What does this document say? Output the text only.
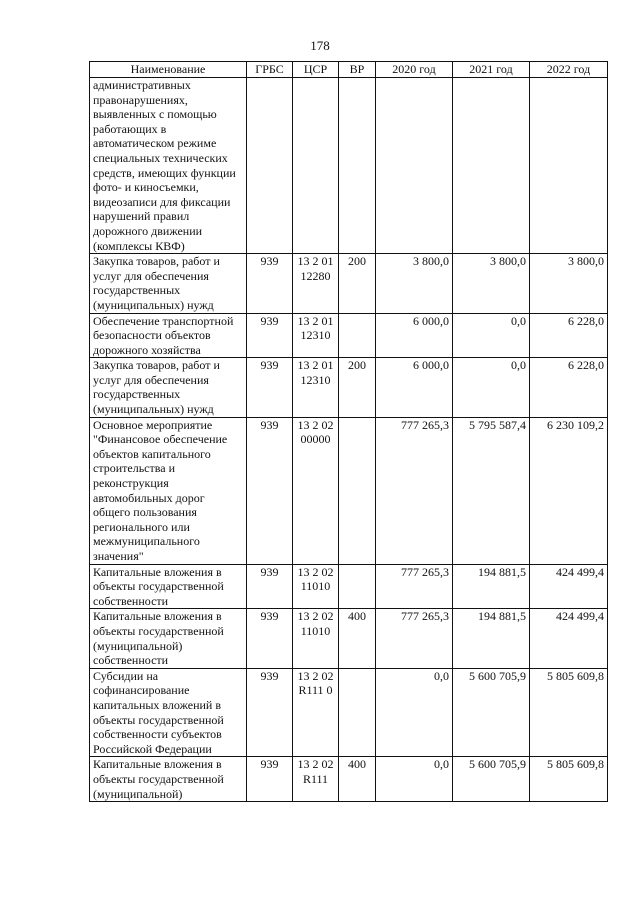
178
Наименование	ГРБС	ЦСР	ВР	2020 год	2021 год	2022 год
административных правонарушениях, выявленных с помощью работающих в автоматическом режиме специальных технических средств, имеющих функции фото- и киносъемки, видеозаписи для фиксации нарушений правил дорожного движении (комплексы КВФ)						
Закупка товаров, работ и услуг для обеспечения государственных (муниципальных) нужд	939	13 2 01 12280	200	3 800,0	3 800,0	3 800,0
Обеспечение транспортной безопасности объектов дорожного хозяйства	939	13 2 01 12310		6 000,0	0,0	6 228,0
Закупка товаров, работ и услуг для обеспечения государственных (муниципальных) нужд	939	13 2 01 12310	200	6 000,0	0,0	6 228,0
Основное мероприятие "Финансовое обеспечение объектов капитального строительства и реконструкция автомобильных дорог общего пользования регионального или межмуниципального значения"	939	13 2 02 00000		777 265,3	5 795 587,4	6 230 109,2
Капитальные вложения в объекты государственной собственности	939	13 2 02 11010		777 265,3	194 881,5	424 499,4
Капитальные вложения в объекты государственной (муниципальной) собственности	939	13 2 02 11010	400	777 265,3	194 881,5	424 499,4
Субсидии на софинансирование капитальных вложений в объекты государственной собственности субъектов Российской Федерации	939	13 2 02 R111 0		0,0	5 600 705,9	5 805 609,8
Капитальные вложения в объекты государственной (муниципальной)	939	13 2 02 R111	400	0,0	5 600 705,9	5 805 609,8
